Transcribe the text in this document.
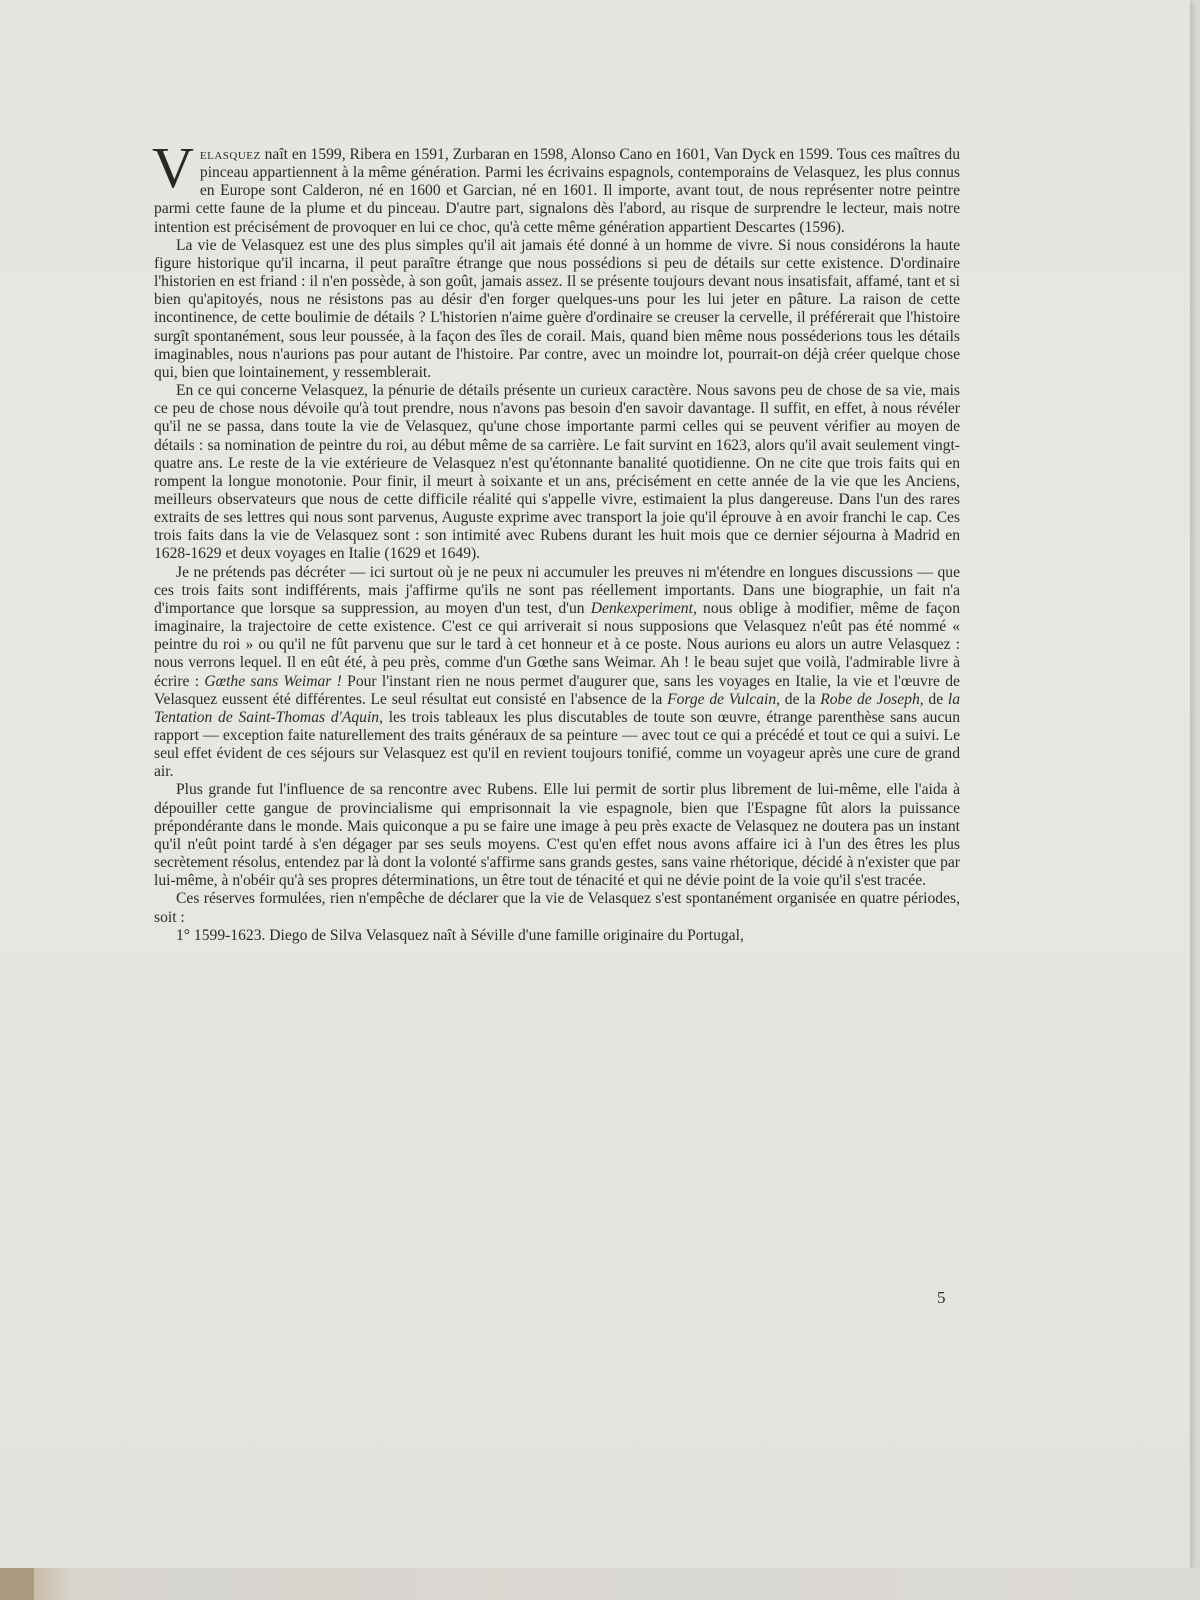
Velasquez naît en 1599, Ribera en 1591, Zurbaran en 1598, Alonso Cano en 1601, Van Dyck en 1599. Tous ces maîtres du pinceau appartiennent à la même génération. Parmi les écrivains espagnols, contemporains de Velasquez, les plus connus en Europe sont Calderon, né en 1600 et Garcian, né en 1601. Il importe, avant tout, de nous représenter notre peintre parmi cette faune de la plume et du pinceau. D'autre part, signalons dès l'abord, au risque de surprendre le lecteur, mais notre intention est précisément de provoquer en lui ce choc, qu'à cette même génération appartient Descartes (1596).

La vie de Velasquez est une des plus simples qu'il ait jamais été donné à un homme de vivre. Si nous considérons la haute figure historique qu'il incarna, il peut paraître étrange que nous possédions si peu de détails sur cette existence. D'ordinaire l'historien en est friand : il n'en possède, à son goût, jamais assez. Il se présente toujours devant nous insatisfait, affamé, tant et si bien qu'apitoyés, nous ne résistons pas au désir d'en forger quelques-uns pour les lui jeter en pâture. La raison de cette incontinence, de cette boulimie de détails ? L'historien n'aime guère d'ordinaire se creuser la cervelle, il préférerait que l'histoire surgît spontanément, sous leur poussée, à la façon des îles de corail. Mais, quand bien même nous posséderions tous les détails imaginables, nous n'aurions pas pour autant de l'histoire. Par contre, avec un moindre lot, pourrait-on déjà créer quelque chose qui, bien que lointainement, y ressemblerait.

En ce qui concerne Velasquez, la pénurie de détails présente un curieux caractère. Nous savons peu de chose de sa vie, mais ce peu de chose nous dévoile qu'à tout prendre, nous n'avons pas besoin d'en savoir davantage. Il suffit, en effet, à nous révéler qu'il ne se passa, dans toute la vie de Velasquez, qu'une chose importante parmi celles qui se peuvent vérifier au moyen de détails : sa nomination de peintre du roi, au début même de sa carrière. Le fait survint en 1623, alors qu'il avait seulement vingt-quatre ans. Le reste de la vie extérieure de Velasquez n'est qu'étonnante banalité quotidienne. On ne cite que trois faits qui en rompent la longue monotonie. Pour finir, il meurt à soixante et un ans, précisément en cette année de la vie que les Anciens, meilleurs observateurs que nous de cette difficile réalité qui s'appelle vivre, estimaient la plus dangereuse. Dans l'un des rares extraits de ses lettres qui nous sont parvenus, Auguste exprime avec transport la joie qu'il éprouve à en avoir franchi le cap. Ces trois faits dans la vie de Velasquez sont : son intimité avec Rubens durant les huit mois que ce dernier séjourna à Madrid en 1628-1629 et deux voyages en Italie (1629 et 1649).

Je ne prétends pas décréter — ici surtout où je ne peux ni accumuler les preuves ni m'étendre en longues discussions — que ces trois faits sont indifférents, mais j'affirme qu'ils ne sont pas réellement importants. Dans une biographie, un fait n'a d'importance que lorsque sa suppression, au moyen d'un test, d'un Denkexperiment, nous oblige à modifier, même de façon imaginaire, la trajectoire de cette existence. C'est ce qui arriverait si nous supposions que Velasquez n'eût pas été nommé « peintre du roi » ou qu'il ne fût parvenu que sur le tard à cet honneur et à ce poste. Nous aurions eu alors un autre Velasquez : nous verrons lequel. Il en eût été, à peu près, comme d'un Gœthe sans Weimar. Ah ! le beau sujet que voilà, l'admirable livre à écrire : Gœthe sans Weimar ! Pour l'instant rien ne nous permet d'augurer que, sans les voyages en Italie, la vie et l'œuvre de Velasquez eussent été différentes. Le seul résultat eut consisté en l'absence de la Forge de Vulcain, de la Robe de Joseph, de la Tentation de Saint-Thomas d'Aquin, les trois tableaux les plus discutables de toute son œuvre, étrange parenthèse sans aucun rapport — exception faite naturellement des traits généraux de sa peinture — avec tout ce qui a précédé et tout ce qui a suivi. Le seul effet évident de ces séjours sur Velasquez est qu'il en revient toujours tonifié, comme un voyageur après une cure de grand air.

Plus grande fut l'influence de sa rencontre avec Rubens. Elle lui permit de sortir plus librement de lui-même, elle l'aida à dépouiller cette gangue de provincialisme qui emprisonnait la vie espagnole, bien que l'Espagne fût alors la puissance prépondérante dans le monde. Mais quiconque a pu se faire une image à peu près exacte de Velasquez ne doutera pas un instant qu'il n'eût point tardé à s'en dégager par ses seuls moyens. C'est qu'en effet nous avons affaire ici à l'un des êtres les plus secrètement résolus, entendez par là dont la volonté s'affirme sans grands gestes, sans vaine rhétorique, décidé à n'exister que par lui-même, à n'obéir qu'à ses propres déterminations, un être tout de ténacité et qui ne dévie point de la voie qu'il s'est tracée.

Ces réserves formulées, rien n'empêche de déclarer que la vie de Velasquez s'est spontanément organisée en quatre périodes, soit :

1° 1599-1623. Diego de Silva Velasquez naît à Séville d'une famille originaire du Portugal,

5
